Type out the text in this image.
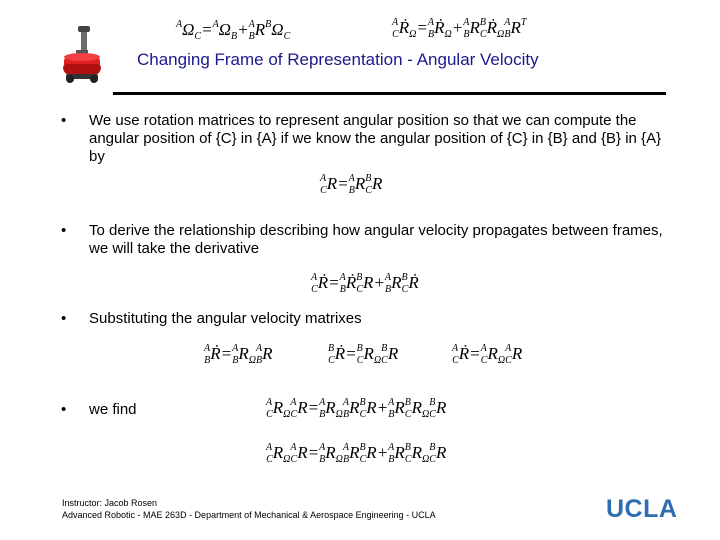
$^A\Omega_C=^A\Omega_B+^A_BR^B\Omega_C$
$^A_CṘ_\Omega=^A_BṘ_\Omega+^A_BR^B_CṘ_\Omega^A_BR^T$
Changing Frame of Representation - Angular Velocity
• We use rotation matrices to represent angular position so that we can compute the angular position of {C} in {A} if we know the angular position of {C} in {B} and {B} in {A} by
$^A_CR=^A_BR^B_CR$
• To derive the relationship describing how angular velocity propagates between frames, we will take the derivative
$^A_CṘ=^A_BṘ^B_CR+^A_BR^B_CṘ$
• Substituting the angular velocity matrixes
$^A_BṘ=^A_BR_\Omega^A_BR$	$^B_CṘ=^B_CR_\Omega^B_CR$	$^A_CṘ=^A_CR_\Omega^A_CR$
• we find	$^A_CR_\Omega^A_CR=^A_BR_\Omega^A_BR^B_CR+^A_BR^B_CR_\Omega^B_CR$
$^A_CR_\Omega^A_CR=^A_BR_\Omega^A_BR^B_CR+^A_BR^B_CR_\Omega^B_CR$
Instructor: Jacob Rosen
Advanced Robotic - MAE 263D - Department of Mechanical & Aerospace Engineering - UCLA	UCLA
